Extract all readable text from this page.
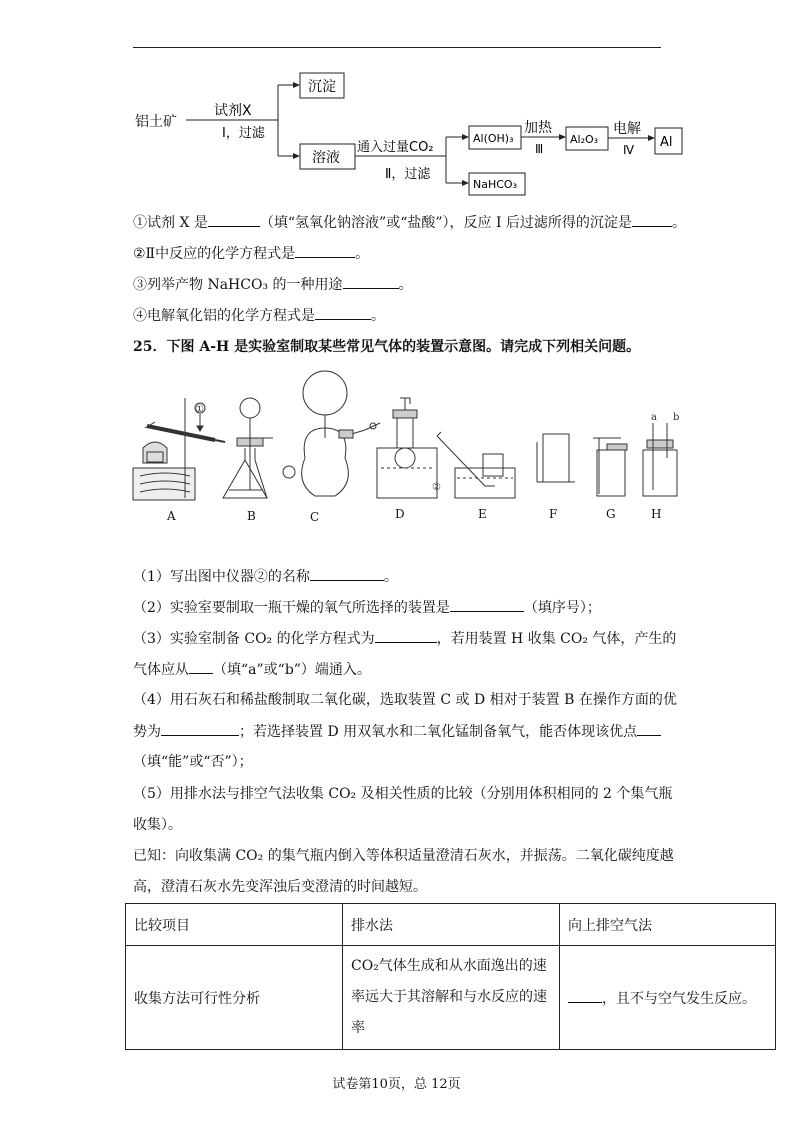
铝土矿
试剂X
Ⅰ，过滤
沉淀
溶液
通入过量CO₂
Ⅱ，过滤
Al(OH)₃
NaHCO₃
加热
Ⅲ
Al₂O₃
电解
Ⅳ Al
①试剂 X 是	（填“氢氧化钠溶液”或“盐酸”），反应 I 后过滤所得的沉淀是	。
②Ⅱ中反应的化学方程式是	。
③列举产物 NaHCO₃ 的一种用途	。
④电解氧化铝的化学方程式是	。
25．下图 A-H 是实验室制取某些常见气体的装置示意图。请完成下列相关问题。
①
②
a b
A	B	C	D	E	F	G	H
（1）写出图中仪器②的名称	。
（2）实验室要制取一瓶干燥的氧气所选择的装置是	（填序号）；
（3）实验室制备 CO₂ 的化学方程式为	，若用装置 H 收集 CO₂ 气体，产生的
气体应从 （填“a”或“b”）端通入。
（4）用石灰石和稀盐酸制取二氧化碳，选取装置 C 或 D 相对于装置 B 在操作方面的优
势为	；若选择装置 D 用双氧水和二氧化锰制备氧气，能否体现该优点
（填“能”或“否”）；
（5）用排水法与排空气法收集 CO₂ 及相关性质的比较（分别用体积相同的 2 个集气瓶
收集）。
已知：向收集满 CO₂ 的集气瓶内倒入等体积适量澄清石灰水，并振荡。二氧化碳纯度越
高，澄清石灰水先变浑浊后变澄清的时间越短。
比较项目	排水法	向上排空气法
收集方法可行性分析	CO₂气体生成和从水面逸出的速
率远大于其溶解和与水反应的速
率	，且不与空气发生反应。
试卷第10页，总 12页
